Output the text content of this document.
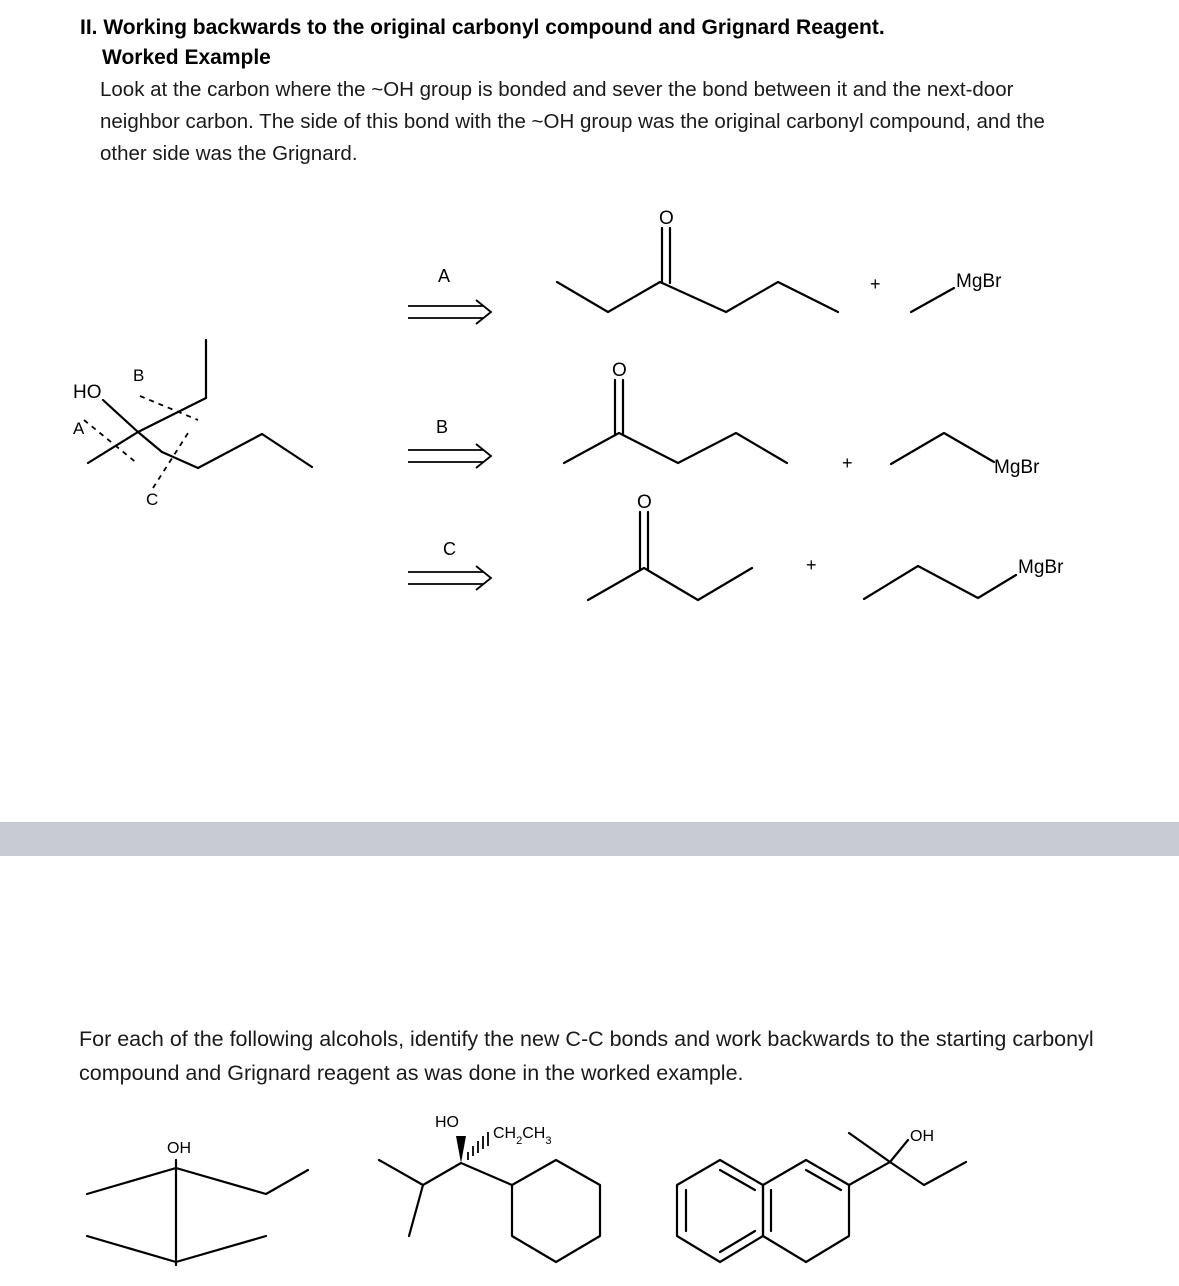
II. Working backwards to the original carbonyl compound and Grignard Reagent.
Worked Example
Look at the carbon where the ~OH group is bonded and sever the bond between it and the next-door neighbor carbon. The side of this bond with the ~OH group was the original carbonyl compound, and the other side was the Grignard.
HO
A
B
C
A
O
+	MgBr
B
O
+	MgBr
C
O
+	MgBr
OH
HO
$CH_2CH_3$	OH
For each of the following alcohols, identify the new C-C bonds and work backwards to the starting carbonyl compound and Grignard reagent as was done in the worked example.
